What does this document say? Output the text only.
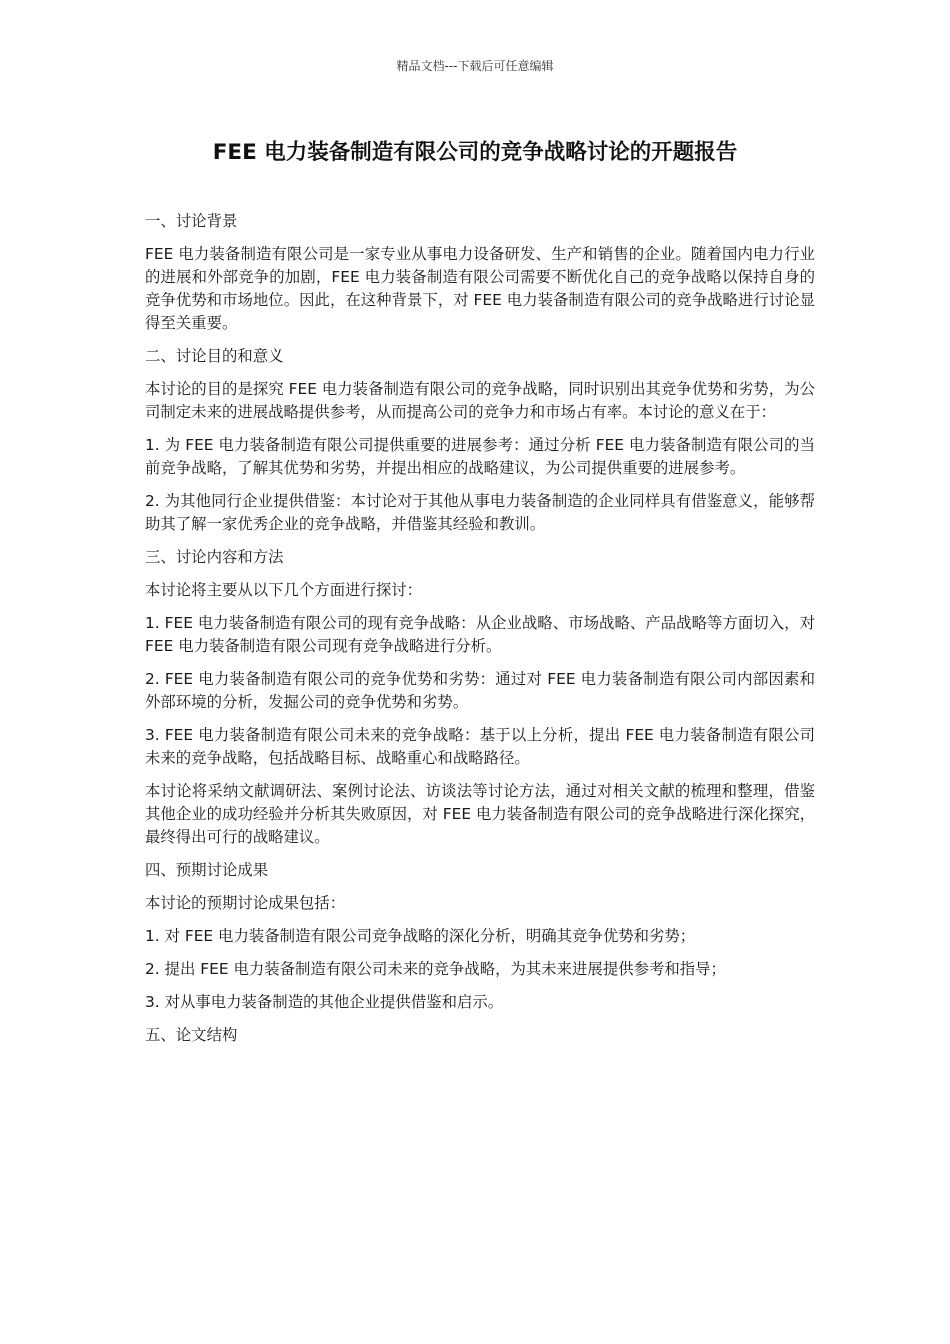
精品文档---下载后可任意编辑
FEE 电力装备制造有限公司的竞争战略讨论的开题报告

一、讨论背景

FEE 电力装备制造有限公司是一家专业从事电力设备研发、生产和销售的企业。随着国内电力行业的进展和外部竞争的加剧，FEE 电力装备制造有限公司需要不断优化自己的竞争战略以保持自身的竞争优势和市场地位。因此，在这种背景下，对 FEE 电力装备制造有限公司的竞争战略进行讨论显得至关重要。

二、讨论目的和意义

本讨论的目的是探究 FEE 电力装备制造有限公司的竞争战略，同时识别出其竞争优势和劣势，为公司制定未来的进展战略提供参考，从而提高公司的竞争力和市场占有率。本讨论的意义在于：

1. 为 FEE 电力装备制造有限公司提供重要的进展参考：通过分析 FEE 电力装备制造有限公司的当前竞争战略，了解其优势和劣势，并提出相应的战略建议，为公司提供重要的进展参考。

2. 为其他同行企业提供借鉴：本讨论对于其他从事电力装备制造的企业同样具有借鉴意义，能够帮助其了解一家优秀企业的竞争战略，并借鉴其经验和教训。

三、讨论内容和方法

本讨论将主要从以下几个方面进行探讨：

1. FEE 电力装备制造有限公司的现有竞争战略：从企业战略、市场战略、产品战略等方面切入，对 FEE 电力装备制造有限公司现有竞争战略进行分析。

2. FEE 电力装备制造有限公司的竞争优势和劣势：通过对 FEE 电力装备制造有限公司内部因素和外部环境的分析，发掘公司的竞争优势和劣势。

3. FEE 电力装备制造有限公司未来的竞争战略：基于以上分析，提出 FEE 电力装备制造有限公司未来的竞争战略，包括战略目标、战略重心和战略路径。

本讨论将采纳文献调研法、案例讨论法、访谈法等讨论方法，通过对相关文献的梳理和整理，借鉴其他企业的成功经验并分析其失败原因，对 FEE 电力装备制造有限公司的竞争战略进行深化探究，最终得出可行的战略建议。

四、预期讨论成果

本讨论的预期讨论成果包括：

1. 对 FEE 电力装备制造有限公司竞争战略的深化分析，明确其竞争优势和劣势；

2. 提出 FEE 电力装备制造有限公司未来的竞争战略，为其未来进展提供参考和指导；

3. 对从事电力装备制造的其他企业提供借鉴和启示。

五、论文结构
